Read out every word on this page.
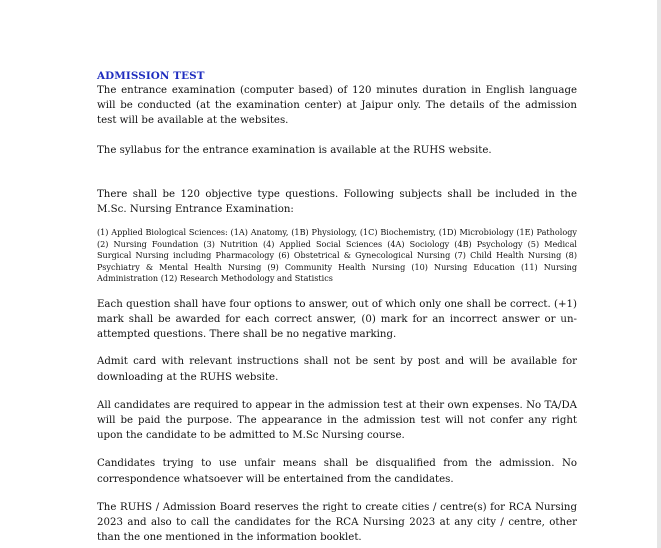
ADMISSION TEST

The entrance examination (computer based) of 120 minutes duration in English language will be conducted (at the examination center) at Jaipur only. The details of the admission test will be available at the websites.

The syllabus for the entrance examination is available at the RUHS website.

There shall be 120 objective type questions. Following subjects shall be included in the M.Sc. Nursing Entrance Examination:

(1) Applied Biological Sciences: (1A) Anatomy, (1B) Physiology, (1C) Biochemistry, (1D) Microbiology (1E) Pathology (2) Nursing Foundation (3) Nutrition (4) Applied Social Sciences (4A) Sociology (4B) Psychology (5) Medical Surgical Nursing including Pharmacology (6) Obstetrical & Gynecological Nursing (7) Child Health Nursing (8) Psychiatry & Mental Health Nursing (9) Community Health Nursing (10) Nursing Education (11) Nursing Administration (12) Research Methodology and Statistics

Each question shall have four options to answer, out of which only one shall be correct. (+1) mark shall be awarded for each correct answer, (0) mark for an incorrect answer or un-attempted questions. There shall be no negative marking.

Admit card with relevant instructions shall not be sent by post and will be available for downloading at the RUHS website.

All candidates are required to appear in the admission test at their own expenses. No TA/DA will be paid the purpose. The appearance in the admission test will not confer any right upon the candidate to be admitted to M.Sc Nursing course.

Candidates trying to use unfair means shall be disqualified from the admission. No correspondence whatsoever will be entertained from the candidates.

The RUHS / Admission Board reserves the right to create cities / centre(s) for RCA Nursing 2023 and also to call the candidates for the RCA Nursing 2023 at any city / centre, other than the one mentioned in the information booklet.
